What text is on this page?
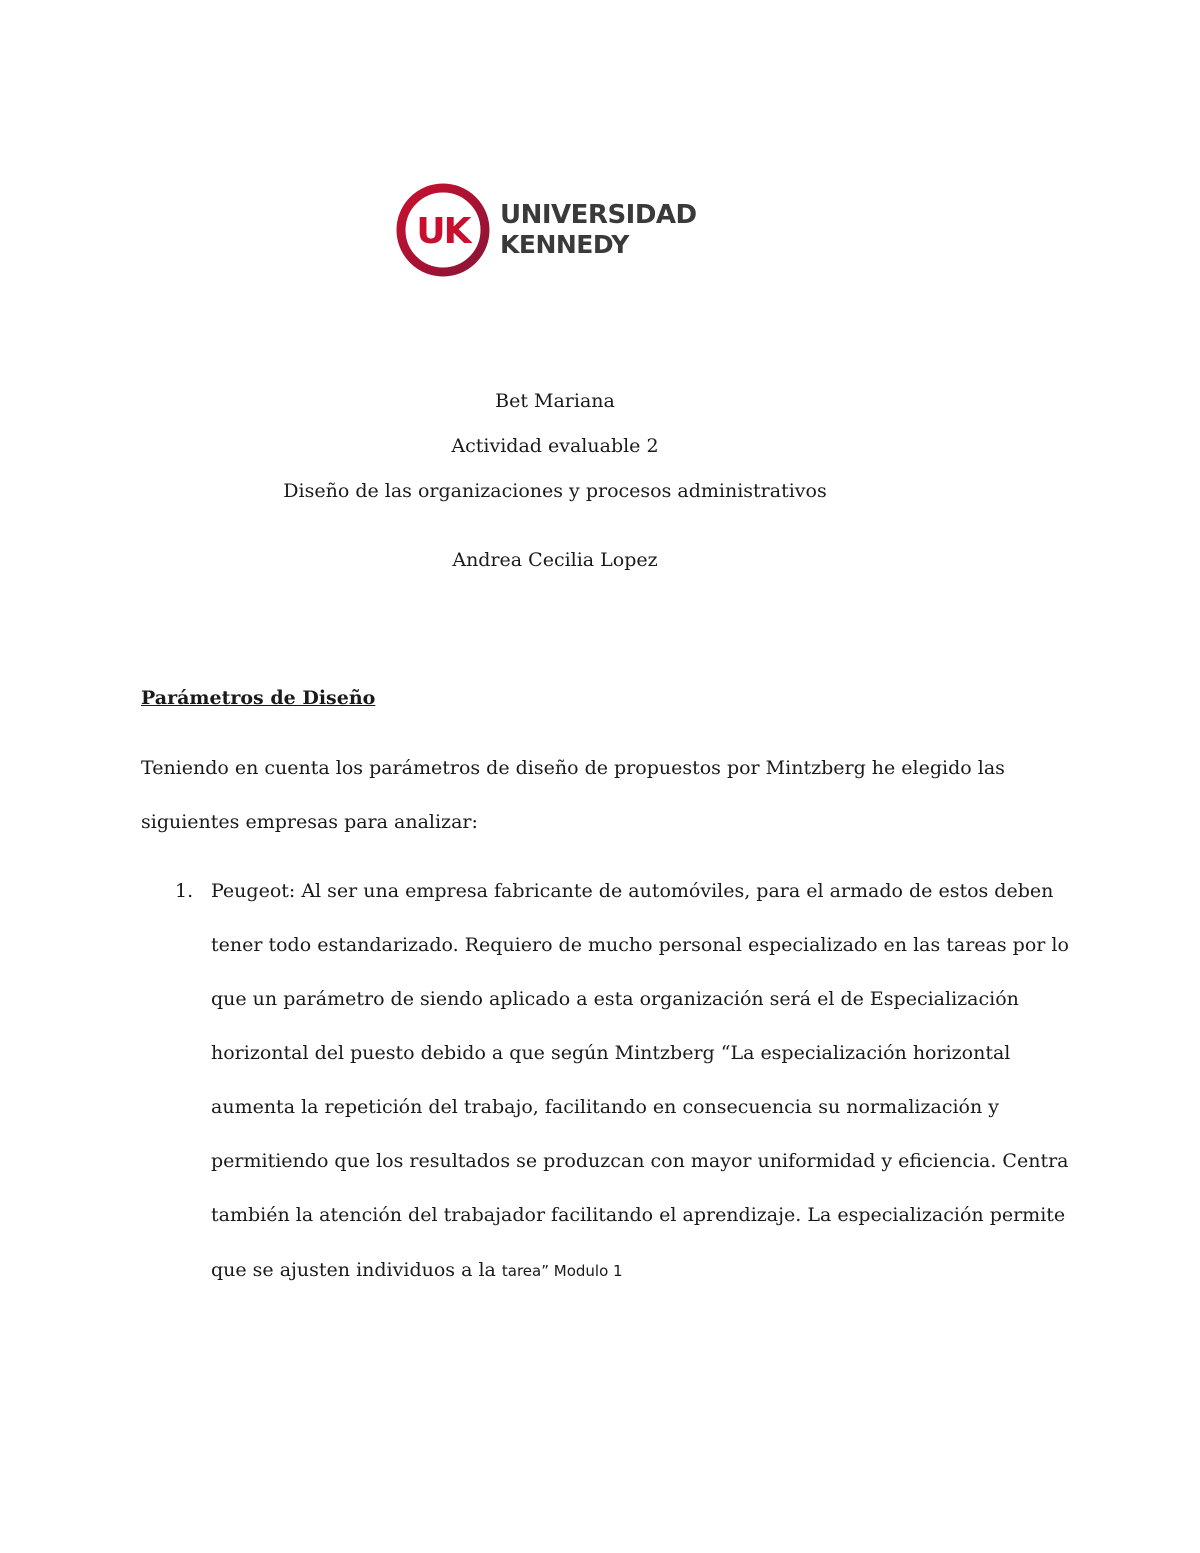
UK UNIVERSIDAD
KENNEDY
Bet Mariana
Actividad evaluable 2
Diseño de las organizaciones y procesos administrativos
Andrea Cecilia Lopez
Parámetros de Diseño
Teniendo en cuenta los parámetros de diseño de propuestos por Mintzberg he elegido las
siguientes empresas para analizar:
1. Peugeot: Al ser una empresa fabricante de automóviles, para el armado de estos deben
tener todo estandarizado. Requiero de mucho personal especializado en las tareas por lo
que un parámetro de siendo aplicado a esta organización será el de Especialización
horizontal del puesto debido a que según Mintzberg “La especialización horizontal
aumenta la repetición del trabajo, facilitando en consecuencia su normalización y
permitiendo que los resultados se produzcan con mayor uniformidad y eficiencia. Centra
también la atención del trabajador facilitando el aprendizaje. La especialización permite
que se ajusten individuos a la tarea” Modulo 1
